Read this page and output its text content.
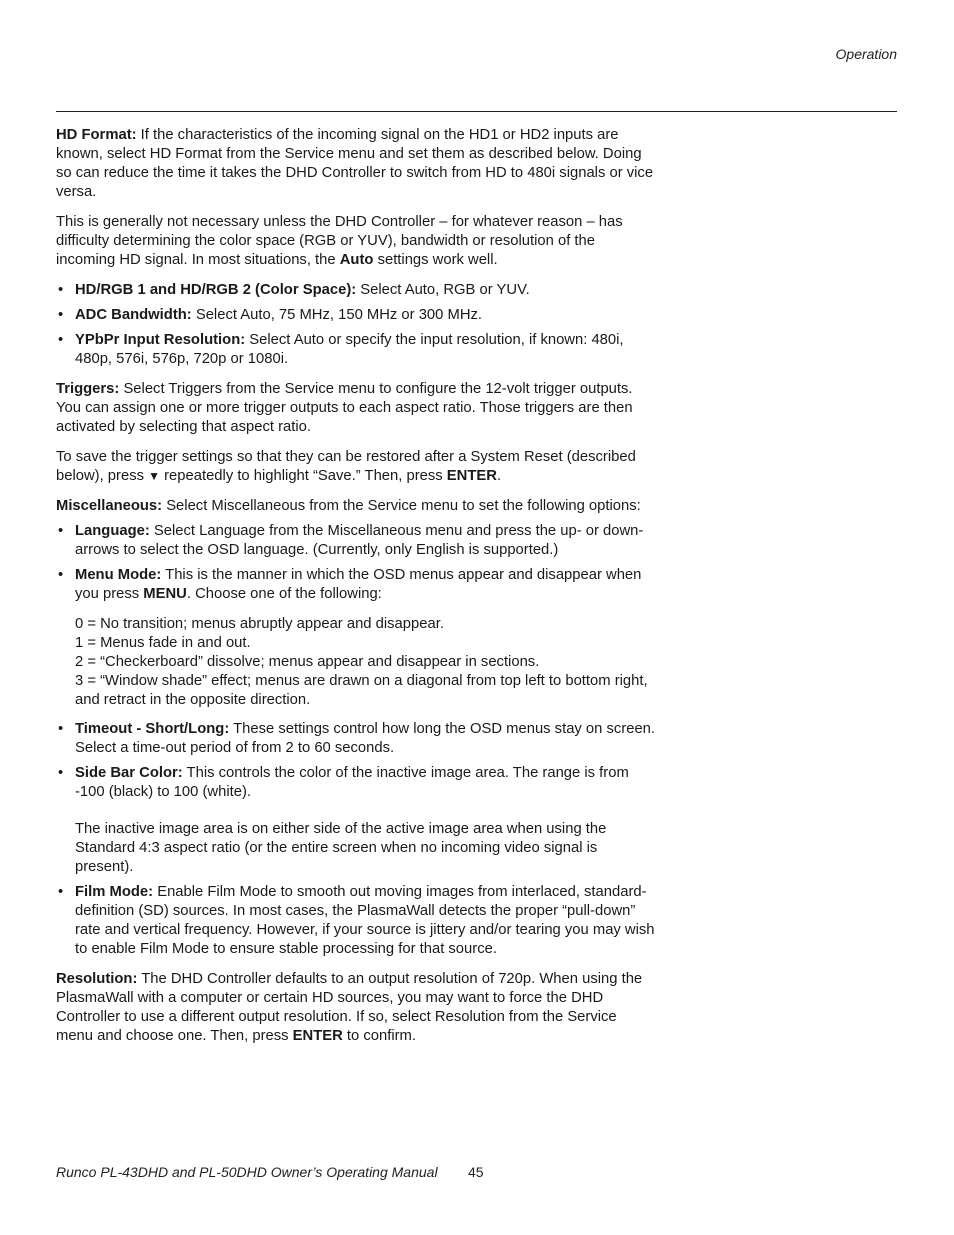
Operation

HD Format: If the characteristics of the incoming signal on the HD1 or HD2 inputs are known, select HD Format from the Service menu and set them as described below. Doing so can reduce the time it takes the DHD Controller to switch from HD to 480i signals or vice versa.

This is generally not necessary unless the DHD Controller – for whatever reason – has difficulty determining the color space (RGB or YUV), bandwidth or resolution of the incoming HD signal. In most situations, the Auto settings work well.

• HD/RGB 1 and HD/RGB 2 (Color Space): Select Auto, RGB or YUV.
• ADC Bandwidth: Select Auto, 75 MHz, 150 MHz or 300 MHz.
• YPbPr Input Resolution: Select Auto or specify the input resolution, if known: 480i, 480p, 576i, 576p, 720p or 1080i.

Triggers: Select Triggers from the Service menu to configure the 12-volt trigger outputs. You can assign one or more trigger outputs to each aspect ratio. Those triggers are then activated by selecting that aspect ratio.

To save the trigger settings so that they can be restored after a System Reset (described below), press ▼ repeatedly to highlight “Save.” Then, press ENTER.

Miscellaneous: Select Miscellaneous from the Service menu to set the following options:

• Language: Select Language from the Miscellaneous menu and press the up- or down-arrows to select the OSD language. (Currently, only English is supported.)
• Menu Mode: This is the manner in which the OSD menus appear and disappear when you press MENU. Choose one of the following:
0 = No transition; menus abruptly appear and disappear.
1 = Menus fade in and out.
2 = “Checkerboard” dissolve; menus appear and disappear in sections.
3 = “Window shade” effect; menus are drawn on a diagonal from top left to bottom right, and retract in the opposite direction.
• Timeout - Short/Long: These settings control how long the OSD menus stay on screen. Select a time-out period of from 2 to 60 seconds.
• Side Bar Color: This controls the color of the inactive image area. The range is from -100 (black) to 100 (white).
The inactive image area is on either side of the active image area when using the Standard 4:3 aspect ratio (or the entire screen when no incoming video signal is present).
• Film Mode: Enable Film Mode to smooth out moving images from interlaced, standard-definition (SD) sources. In most cases, the PlasmaWall detects the proper “pull-down” rate and vertical frequency. However, if your source is jittery and/or tearing you may wish to enable Film Mode to ensure stable processing for that source.

Resolution: The DHD Controller defaults to an output resolution of 720p. When using the PlasmaWall with a computer or certain HD sources, you may want to force the DHD Controller to use a different output resolution. If so, select Resolution from the Service menu and choose one. Then, press ENTER to confirm.

Runco PL-43DHD and PL-50DHD Owner’s Operating Manual 45
